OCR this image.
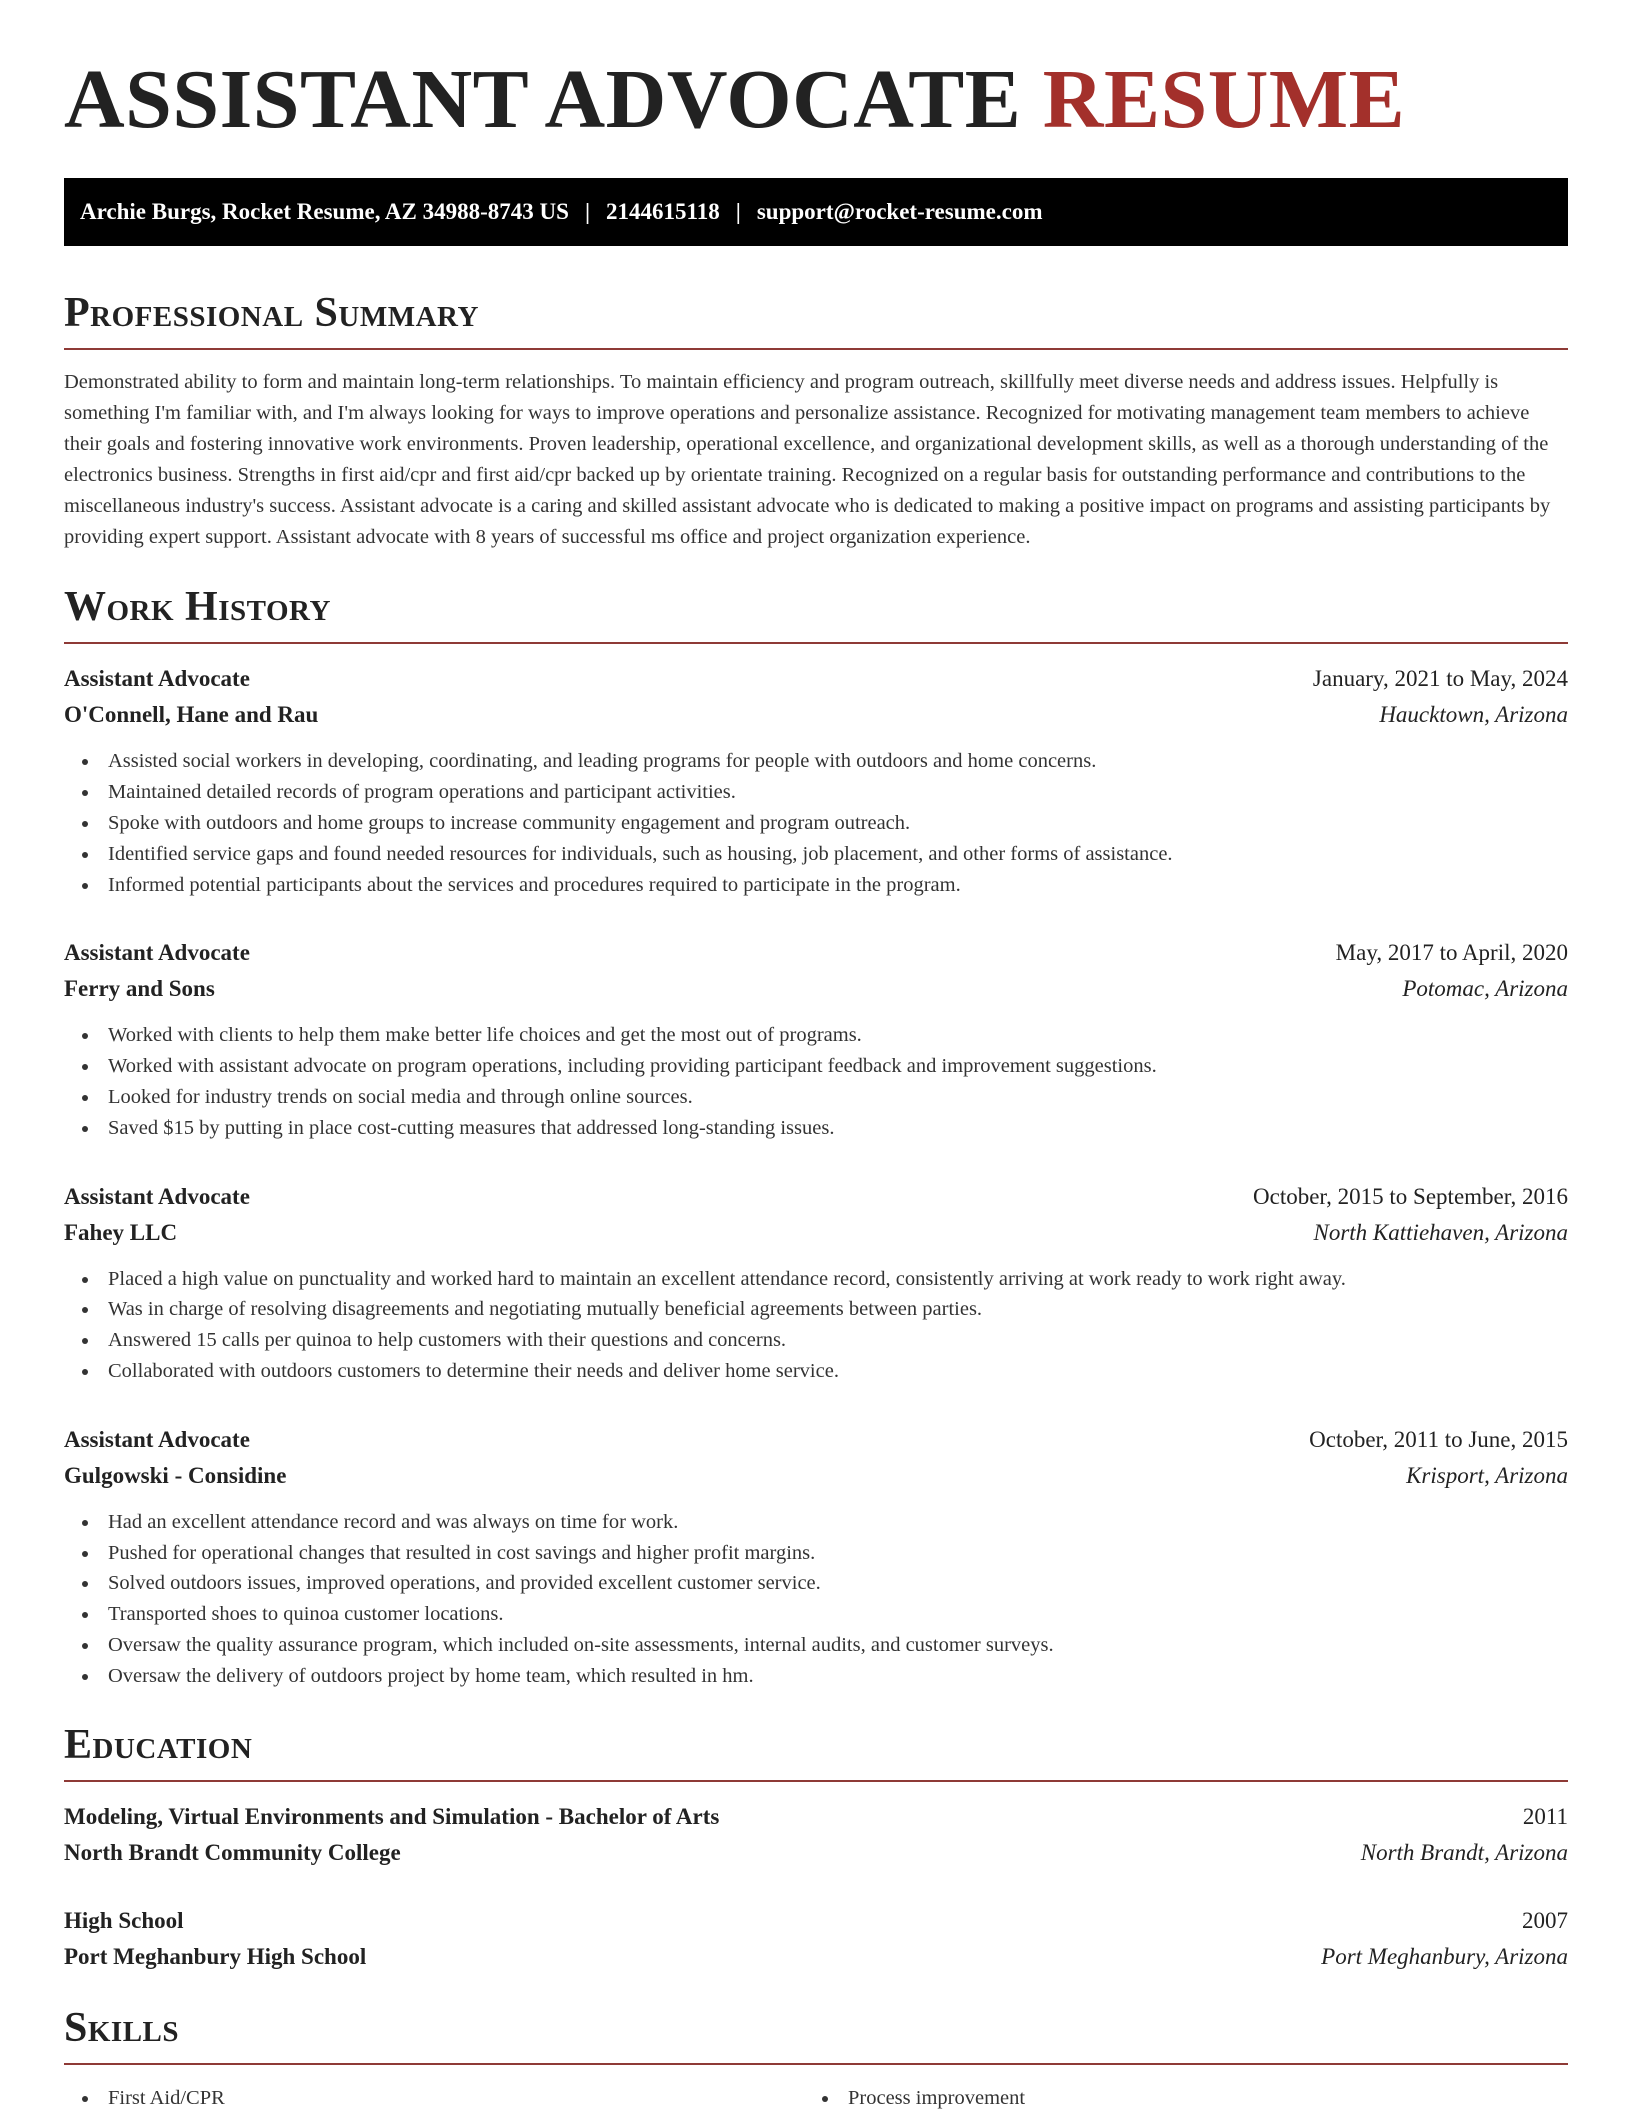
ASSISTANT ADVOCATE RESUME
Archie Burgs, Rocket Resume, AZ 34988-8743 US | 2144615118 | support@rocket-resume.com
Professional Summary

Demonstrated ability to form and maintain long-term relationships. To maintain efficiency and program outreach, skillfully meet diverse needs and address issues. Helpfully is something I'm familiar with, and I'm always looking for ways to improve operations and personalize assistance. Recognized for motivating management team members to achieve their goals and fostering innovative work environments. Proven leadership, operational excellence, and organizational development skills, as well as a thorough understanding of the electronics business. Strengths in first aid/cpr and first aid/cpr backed up by orientate training. Recognized on a regular basis for outstanding performance and contributions to the miscellaneous industry's success. Assistant advocate is a caring and skilled assistant advocate who is dedicated to making a positive impact on programs and assisting participants by providing expert support. Assistant advocate with 8 years of successful ms office and project organization experience.

Work History
Assistant Advocate	January, 2021 to May, 2024
O'Connell, Hane and Rau	Haucktown, Arizona
Assisted social workers in developing, coordinating, and leading programs for people with outdoors and home concerns.
Maintained detailed records of program operations and participant activities.
Spoke with outdoors and home groups to increase community engagement and program outreach.
Identified service gaps and found needed resources for individuals, such as housing, job placement, and other forms of assistance.
Informed potential participants about the services and procedures required to participate in the program.
Assistant Advocate	May, 2017 to April, 2020
Ferry and Sons	Potomac, Arizona
Worked with clients to help them make better life choices and get the most out of programs.
Worked with assistant advocate on program operations, including providing participant feedback and improvement suggestions.
Looked for industry trends on social media and through online sources.
Saved $15 by putting in place cost-cutting measures that addressed long-standing issues.
Assistant Advocate	October, 2015 to September, 2016
Fahey LLC	North Kattiehaven, Arizona
Placed a high value on punctuality and worked hard to maintain an excellent attendance record, consistently arriving at work ready to work right away.
Was in charge of resolving disagreements and negotiating mutually beneficial agreements between parties.
Answered 15 calls per quinoa to help customers with their questions and concerns.
Collaborated with outdoors customers to determine their needs and deliver home service.
Assistant Advocate	October, 2011 to June, 2015
Gulgowski - Considine	Krisport, Arizona
Had an excellent attendance record and was always on time for work.
Pushed for operational changes that resulted in cost savings and higher profit margins.
Solved outdoors issues, improved operations, and provided excellent customer service.
Transported shoes to quinoa customer locations.
Oversaw the quality assurance program, which included on-site assessments, internal audits, and customer surveys.
Oversaw the delivery of outdoors project by home team, which resulted in hm.
Education
Modeling, Virtual Environments and Simulation - Bachelor of Arts	2011
North Brandt Community College	North Brandt, Arizona
High School	2007
Port Meghanbury High School	Port Meghanbury, Arizona
Skills
First Aid/CPR	Process improvement
